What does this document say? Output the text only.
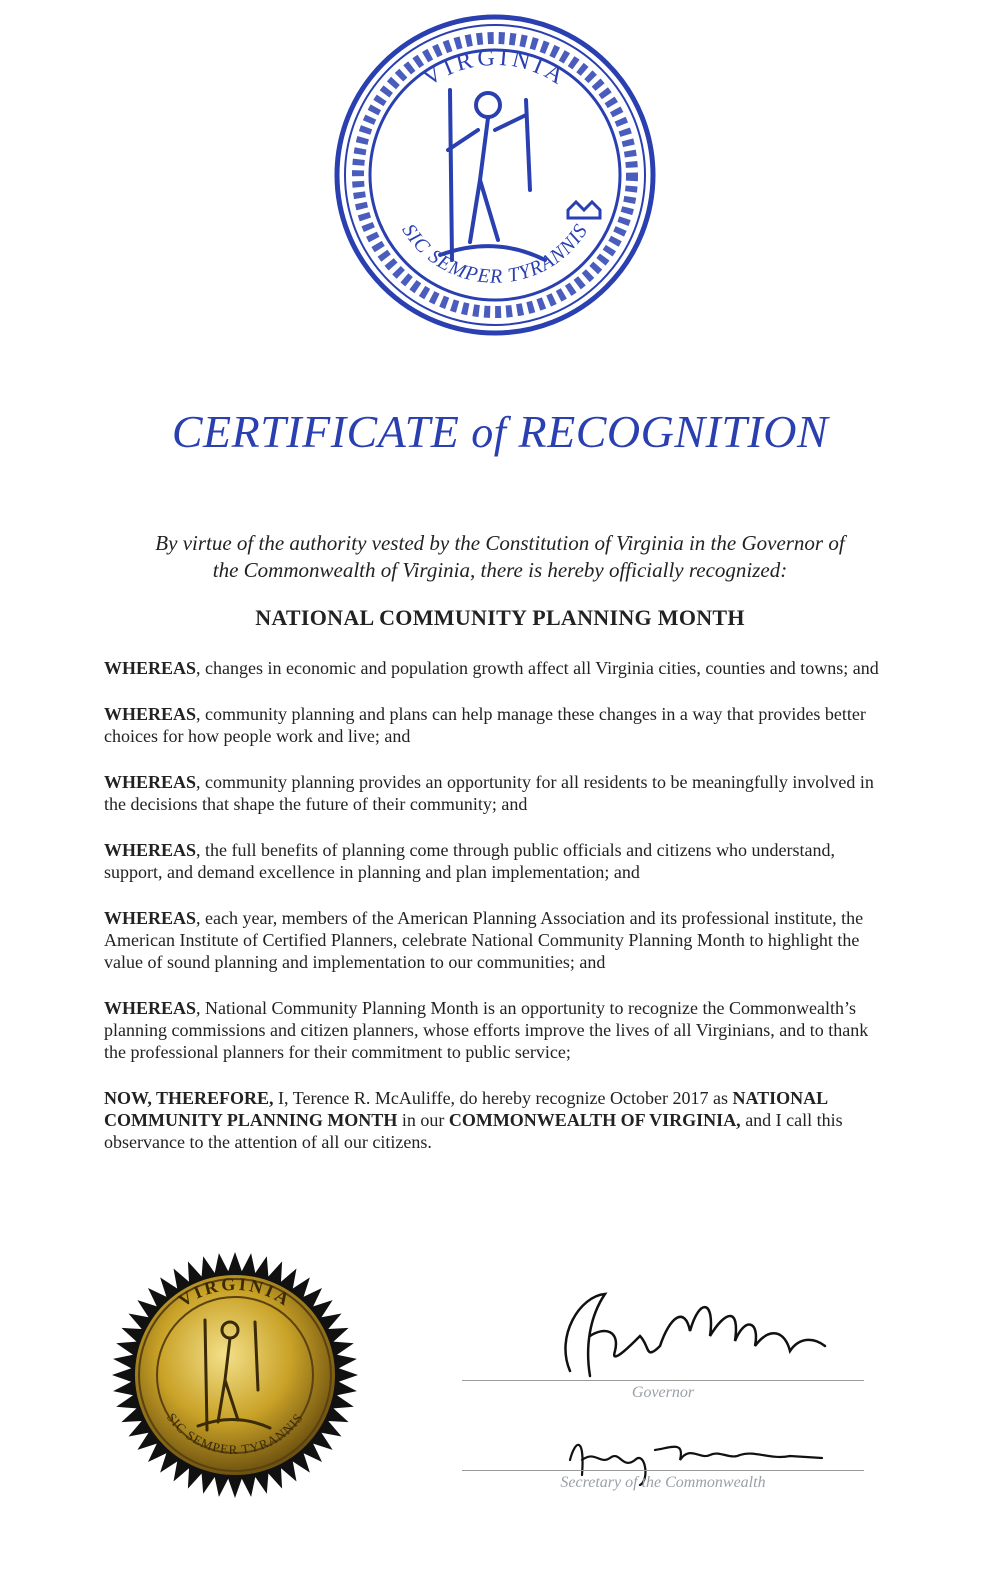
VIRGINIA
SIC SEMPER TYRANNIS
CERTIFICATE of RECOGNITION
By virtue of the authority vested by the Constitution of Virginia in the Governor of
the Commonwealth of Virginia, there is hereby officially recognized:
NATIONAL COMMUNITY PLANNING MONTH

WHEREAS, changes in economic and population growth affect all Virginia cities, counties and towns; and

WHEREAS, community planning and plans can help manage these changes in a way that provides better choices for how people work and live; and

WHEREAS, community planning provides an opportunity for all residents to be meaningfully involved in the decisions that shape the future of their community; and

WHEREAS, the full benefits of planning come through public officials and citizens who understand, support, and demand excellence in planning and plan implementation; and

WHEREAS, each year, members of the American Planning Association and its professional institute, the American Institute of Certified Planners, celebrate National Community Planning Month to highlight the value of sound planning and implementation to our communities; and

WHEREAS, National Community Planning Month is an opportunity to recognize the Commonwealth’s planning commissions and citizen planners, whose efforts improve the lives of all Virginians, and to thank the professional planners for their commitment to public service;

NOW, THEREFORE, I, Terence R. McAuliffe, do hereby recognize October 2017 as NATIONAL COMMUNITY PLANNING MONTH in our COMMONWEALTH OF VIRGINIA, and I call this observance to the attention of all our citizens.

VIRGINIA
SIC SEMPER TYRANNIS
Governor
Secretary of the Commonwealth
